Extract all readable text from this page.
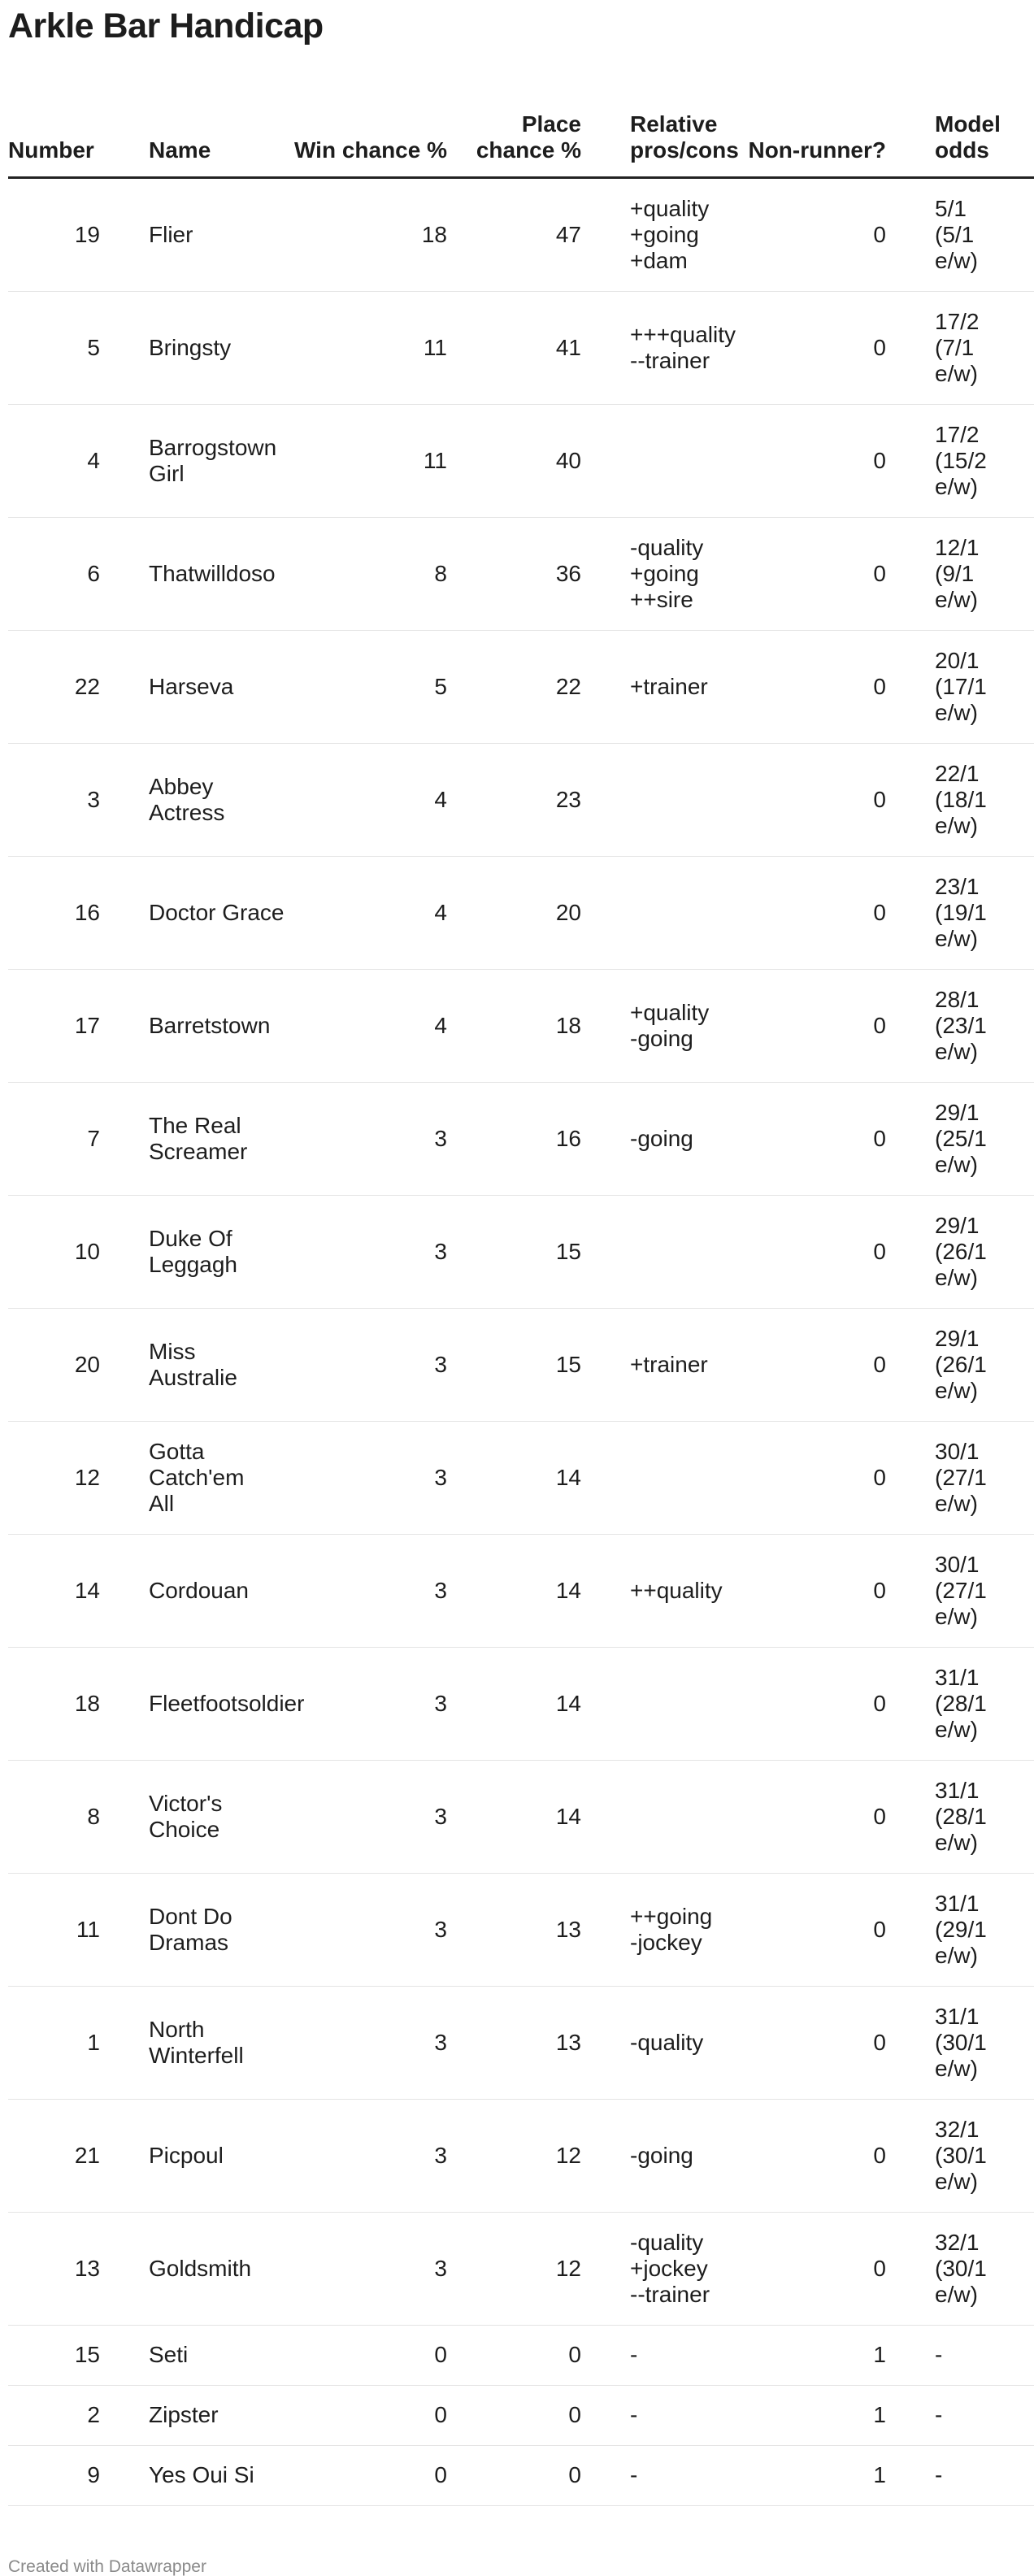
Arkle Bar Handicap
Number	Name	Win chance %	Place chance %	Relative pros/cons	Non-runner?	Model odds
19	Flier	18	47	+quality
+going
+dam	0	5/1
(5/1
e/w)
5	Bringsty	11	41	+++quality
--trainer	0	17/2
(7/1
e/w)
4	Barrogstown
Girl	11	40		0	17/2
(15/2
e/w)
6	Thatwilldoso	8	36	-quality
+going
++sire	0	12/1
(9/1
e/w)
22	Harseva	5	22	+trainer	0	20/1
(17/1
e/w)
3	Abbey Actress	4	23		0	22/1
(18/1
e/w)
16	Doctor Grace	4	20		0	23/1
(19/1
e/w)
17	Barretstown	4	18	+quality
-going	0	28/1
(23/1
e/w)
7	The Real
Screamer	3	16	-going	0	29/1
(25/1
e/w)
10	Duke Of
Leggagh	3	15		0	29/1
(26/1
e/w)
20	Miss Australie	3	15	+trainer	0	29/1
(26/1
e/w)
12	Gotta Catch'em
All	3	14		0	30/1
(27/1
e/w)
14	Cordouan	3	14	++quality	0	30/1
(27/1
e/w)
18	Fleetfootsoldier	3	14		0	31/1
(28/1
e/w)
8	Victor's Choice	3	14		0	31/1
(28/1
e/w)
11	Dont Do
Dramas	3	13	++going
-jockey	0	31/1
(29/1
e/w)
1	North
Winterfell	3	13	-quality	0	31/1
(30/1
e/w)
21	Picpoul	3	12	-going	0	32/1
(30/1
e/w)
13	Goldsmith	3	12	-quality
+jockey
--trainer	0	32/1
(30/1
e/w)
15	Seti	0	0	-	1	-
2	Zipster	0	0	-	1	-
9	Yes Oui Si	0	0	-	1	-
Created with Datawrapper
